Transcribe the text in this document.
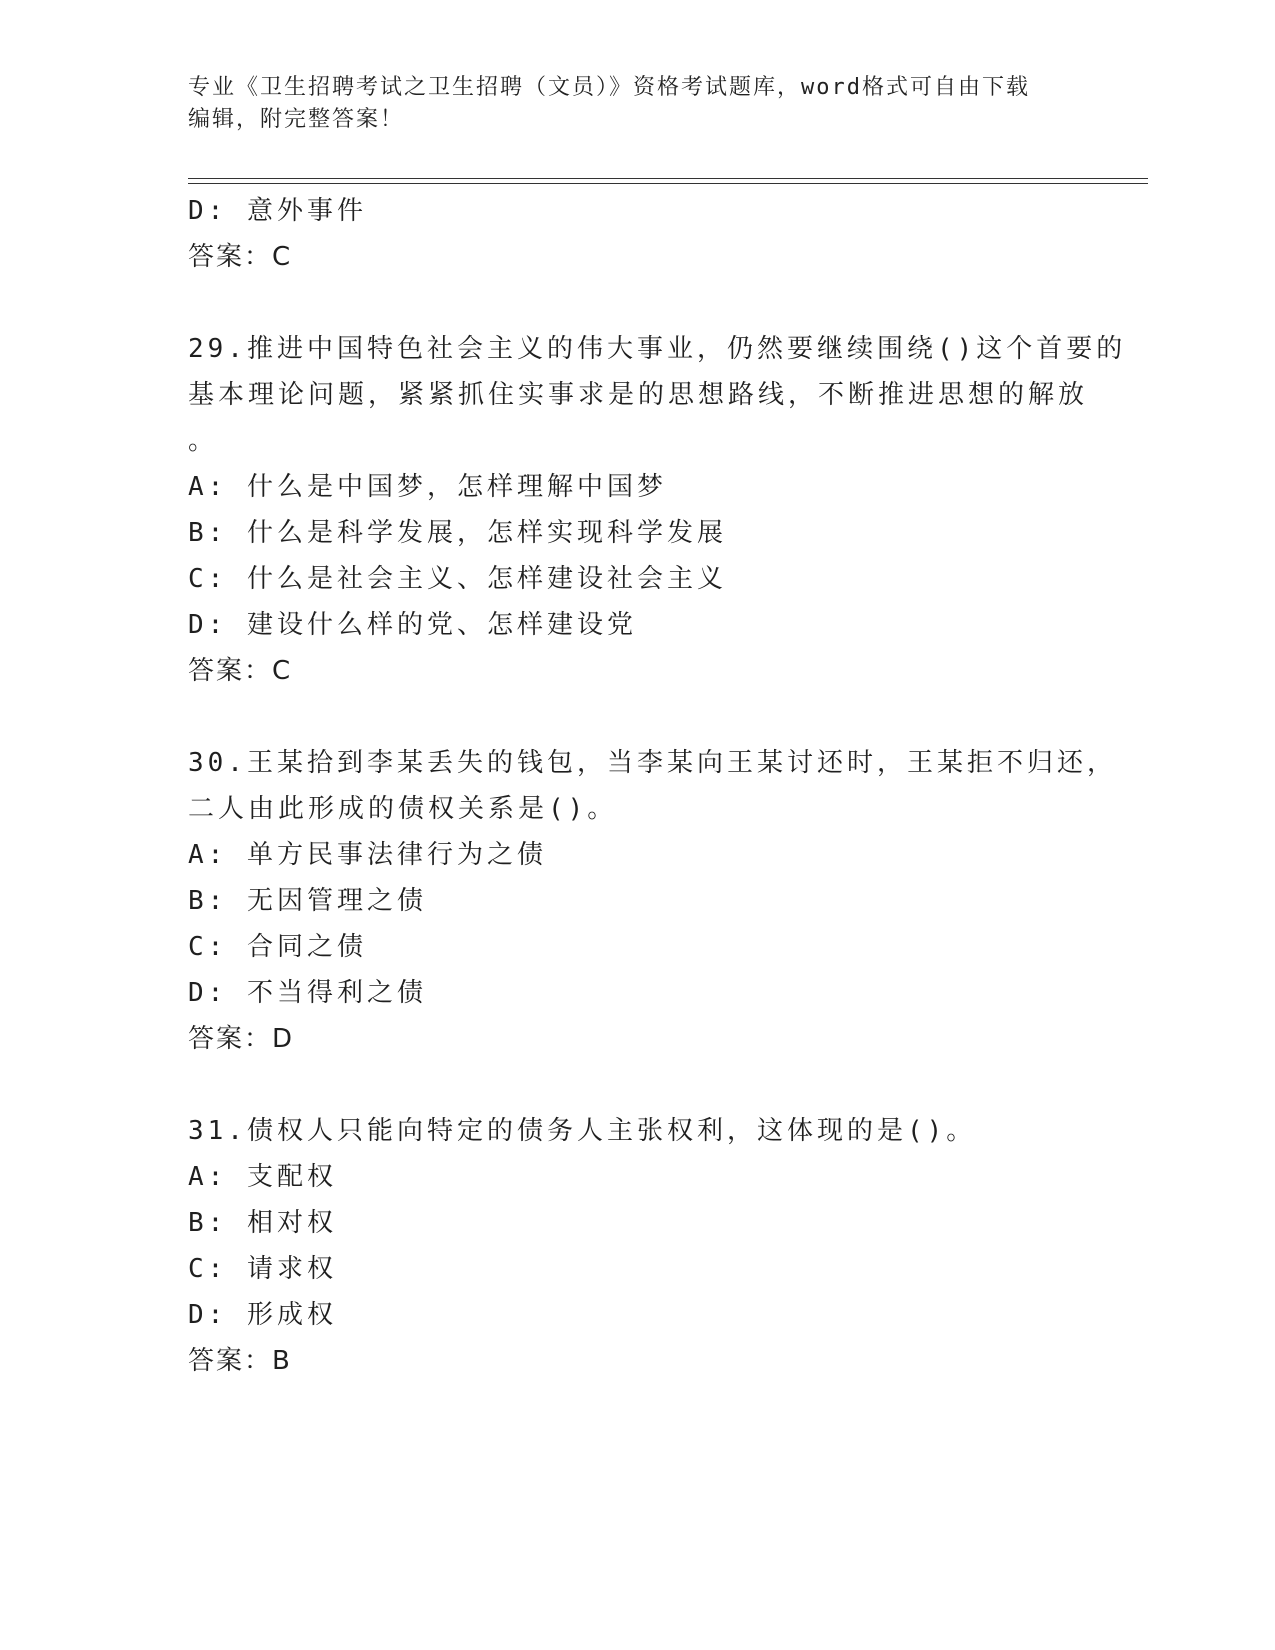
专业《卫生招聘考试之卫生招聘（文员）》资格考试题库，word格式可自由下载
编辑，附完整答案！
D: 意外事件
答案：C
29.推进中国特色社会主义的伟大事业，仍然要继续围绕()这个首要的
基本理论问题，紧紧抓住实事求是的思想路线，不断推进思想的解放
。
A: 什么是中国梦，怎样理解中国梦
B: 什么是科学发展，怎样实现科学发展
C: 什么是社会主义、怎样建设社会主义
D: 建设什么样的党、怎样建设党
答案：C
30.王某拾到李某丢失的钱包，当李某向王某讨还时，王某拒不归还，
二人由此形成的债权关系是()。
A: 单方民事法律行为之债
B: 无因管理之债
C: 合同之债
D: 不当得利之债
答案：D
31.债权人只能向特定的债务人主张权利，这体现的是()。
A: 支配权
B: 相对权
C: 请求权
D: 形成权
答案：B
